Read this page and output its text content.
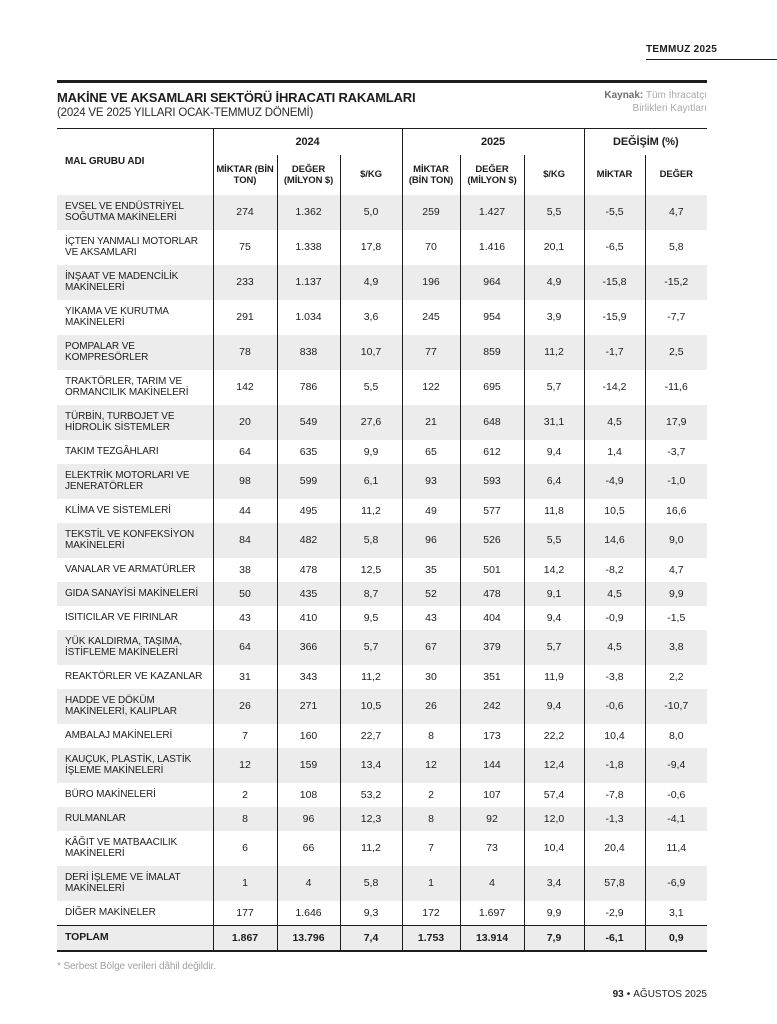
TEMMUZ 2025
MAKİNE VE AKSAMLARI SEKTÖRÜ İHRACATI RAKAMLARI
(2024 VE 2025 YILLARI OCAK-TEMMUZ DÖNEMİ)
Kaynak: Tüm İhracatçı
Birlikleri Kayıtları
MAL GRUBU ADI	2024			2025			DEĞİŞİM (%)	
	MİKTAR (BİN TON)	DEĞER (MİLYON $)	$/KG	MİKTAR (BİN TON)	DEĞER (MİLYON $)	$/KG	MİKTAR	DEĞER
EVSEL VE ENDÜSTRİYEL SOĞUTMA MAKİNELERİ	274	1.362	5,0	259	1.427	5,5	-5,5	4,7
İÇTEN YANMALI MOTORLAR VE AKSAMLARI	75	1.338	17,8	70	1.416	20,1	-6,5	5,8
İNŞAAT VE MADENCİLİK MAKİNELERİ	233	1.137	4,9	196	964	4,9	-15,8	-15,2
YIKAMA VE KURUTMA MAKİNELERİ	291	1.034	3,6	245	954	3,9	-15,9	-7,7
POMPALAR VE KOMPRESÖRLER	78	838	10,7	77	859	11,2	-1,7	2,5
TRAKTÖRLER, TARIM VE ORMANCILIK MAKİNELERİ	142	786	5,5	122	695	5,7	-14,2	-11,6
TÜRBİN, TURBOJET VE HİDROLİK SİSTEMLER	20	549	27,6	21	648	31,1	4,5	17,9
TAKIM TEZGÂHLARI	64	635	9,9	65	612	9,4	1,4	-3,7
ELEKTRİK MOTORLARI VE JENERATÖRLER	98	599	6,1	93	593	6,4	-4,9	-1,0
KLİMA VE SİSTEMLERİ	44	495	11,2	49	577	11,8	10,5	16,6
TEKSTİL VE KONFEKSİYON MAKİNELERİ	84	482	5,8	96	526	5,5	14,6	9,0
VANALAR VE ARMATÜRLER	38	478	12,5	35	501	14,2	-8,2	4,7
GIDA SANAYİSİ MAKİNELERİ	50	435	8,7	52	478	9,1	4,5	9,9
ISITICILAR VE FIRINLAR	43	410	9,5	43	404	9,4	-0,9	-1,5
YÜK KALDIRMA, TAŞIMA, İSTİFLEME MAKİNELERİ	64	366	5,7	67	379	5,7	4,5	3,8
REAKTÖRLER VE KAZANLAR	31	343	11,2	30	351	11,9	-3,8	2,2
HADDE VE DÖKÜM MAKİNELERİ, KALIPLAR	26	271	10,5	26	242	9,4	-0,6	-10,7
AMBALAJ MAKİNELERİ	7	160	22,7	8	173	22,2	10,4	8,0
KAUÇUK, PLASTİK, LASTİK İŞLEME MAKİNELERİ	12	159	13,4	12	144	12,4	-1,8	-9,4
BÜRO MAKİNELERİ	2	108	53,2	2	107	57,4	-7,8	-0,6
RULMANLAR	8	96	12,3	8	92	12,0	-1,3	-4,1
KÂĞIT VE MATBAACILIK MAKİNELERİ	6	66	11,2	7	73	10,4	20,4	11,4
DERİ İŞLEME VE İMALAT MAKİNELERİ	1	4	5,8	1	4	3,4	57,8	-6,9
DİĞER MAKİNELER	177	1.646	9,3	172	1.697	9,9	-2,9	3,1
TOPLAM	1.867	13.796	7,4	1.753	13.914	7,9	-6,1	0,9
* Serbest Bölge verileri dâhil değildir.
93 • AĞUSTOS 2025
